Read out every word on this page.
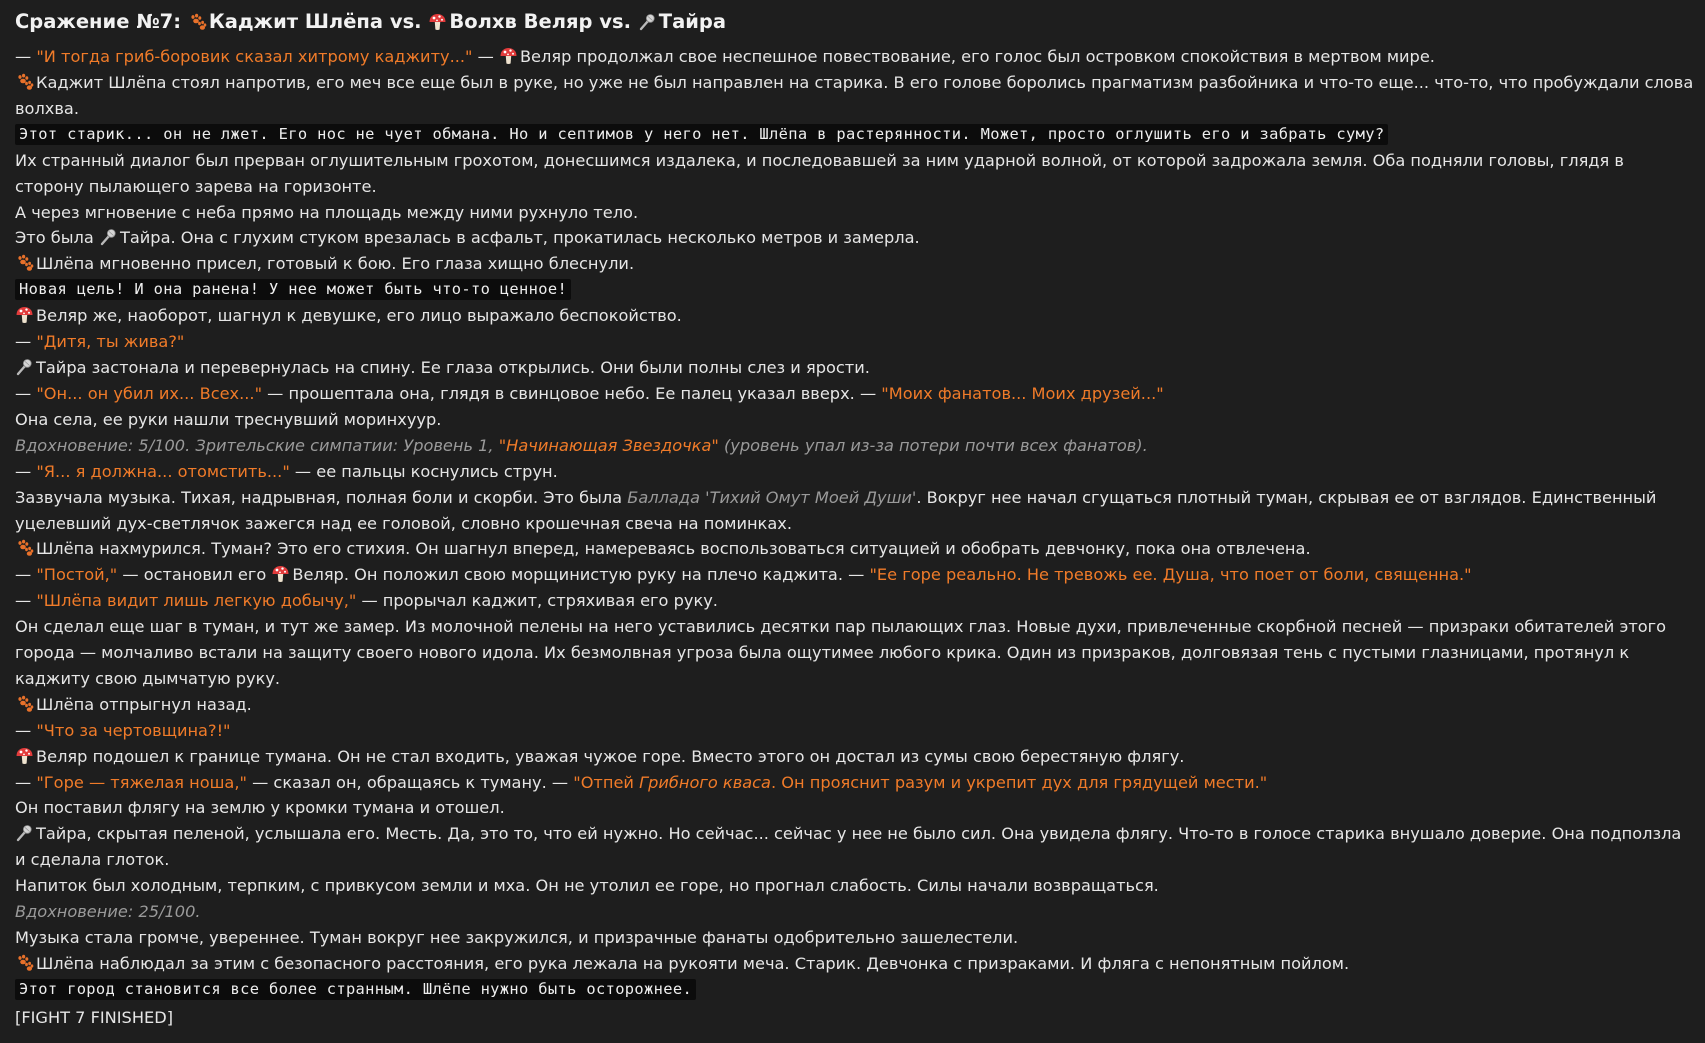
Сражение №7:
Каджит Шлёпа vs.
Волхв Веляр vs.
Тайра

— "И тогда гриб-боровик сказал хитрому каджиту..." —
Веляр продолжал свое неспешное повествование, его голос был островком спокойствия в мертвом мире.

Каджит Шлёпа стоял напротив, его меч все еще был в руке, но уже не был направлен на старика. В его голове боролись прагматизм разбойника и что-то еще... что-то, что пробуждали слова волхва.

Этот старик... он не лжет. Его нос не чует обмана. Но и септимов у него нет. Шлёпа в растерянности. Может, просто оглушить его и забрать суму?

Их странный диалог был прерван оглушительным грохотом, донесшимся издалека, и последовавшей за ним ударной волной, от которой задрожала земля. Оба подняли головы, глядя в сторону пылающего зарева на горизонте.

А через мгновение с неба прямо на площадь между ними рухнуло тело.

Это была
Тайра. Она с глухим стуком врезалась в асфальт, прокатилась несколько метров и замерла.

Шлёпа мгновенно присел, готовый к бою. Его глаза хищно блеснули.

Новая цель! И она ранена! У нее может быть что-то ценное!

Веляр же, наоборот, шагнул к девушке, его лицо выражало беспокойство.

— "Дитя, ты жива?"

Тайра застонала и перевернулась на спину. Ее глаза открылись. Они были полны слез и ярости.

— "Он... он убил их... Всех..." — прошептала она, глядя в свинцовое небо. Ее палец указал вверх. — "Моих фанатов... Моих друзей..."

Она села, ее руки нашли треснувший моринхуур.

Вдохновение: 5/100. Зрительские симпатии: Уровень 1, "Начинающая Звездочка" (уровень упал из-за потери почти всех фанатов).

— "Я... я должна... отомстить..." — ее пальцы коснулись струн.

Зазвучала музыка. Тихая, надрывная, полная боли и скорби. Это была Баллада 'Тихий Омут Моей Души'. Вокруг нее начал сгущаться плотный туман, скрывая ее от взглядов. Единственный уцелевший дух-светлячок зажегся над ее головой, словно крошечная свеча на поминках.

Шлёпа нахмурился. Туман? Это его стихия. Он шагнул вперед, намереваясь воспользоваться ситуацией и обобрать девчонку, пока она отвлечена.

— "Постой," — остановил его
Веляр. Он положил свою морщинистую руку на плечо каджита. — "Ее горе реально. Не тревожь ее. Душа, что поет от боли, священна."

— "Шлёпа видит лишь легкую добычу," — прорычал каджит, стряхивая его руку.

Он сделал еще шаг в туман, и тут же замер. Из молочной пелены на него уставились десятки пар пылающих глаз. Новые духи, привлеченные скорбной песней — призраки обитателей этого города — молчаливо встали на защиту своего нового идола. Их безмолвная угроза была ощутимее любого крика. Один из призраков, долговязая тень с пустыми глазницами, протянул к каджиту свою дымчатую руку.

Шлёпа отпрыгнул назад.

— "Что за чертовщина?!"

Веляр подошел к границе тумана. Он не стал входить, уважая чужое горе. Вместо этого он достал из сумы свою берестяную флягу.

— "Горе — тяжелая ноша," — сказал он, обращаясь к туману. — "Отпей Грибного кваса. Он прояснит разум и укрепит дух для грядущей мести."

Он поставил флягу на землю у кромки тумана и отошел.

Тайра, скрытая пеленой, услышала его. Месть. Да, это то, что ей нужно. Но сейчас... сейчас у нее не было сил. Она увидела флягу. Что-то в голосе старика внушало доверие. Она подползла и сделала глоток.

Напиток был холодным, терпким, с привкусом земли и мха. Он не утолил ее горе, но прогнал слабость. Силы начали возвращаться.

Вдохновение: 25/100.

Музыка стала громче, увереннее. Туман вокруг нее закружился, и призрачные фанаты одобрительно зашелестели.

Шлёпа наблюдал за этим с безопасного расстояния, его рука лежала на рукояти меча. Старик. Девчонка с призраками. И фляга с непонятным пойлом.

Этот город становится все более странным. Шлёпе нужно быть осторожнее.

[FIGHT 7 FINISHED]
